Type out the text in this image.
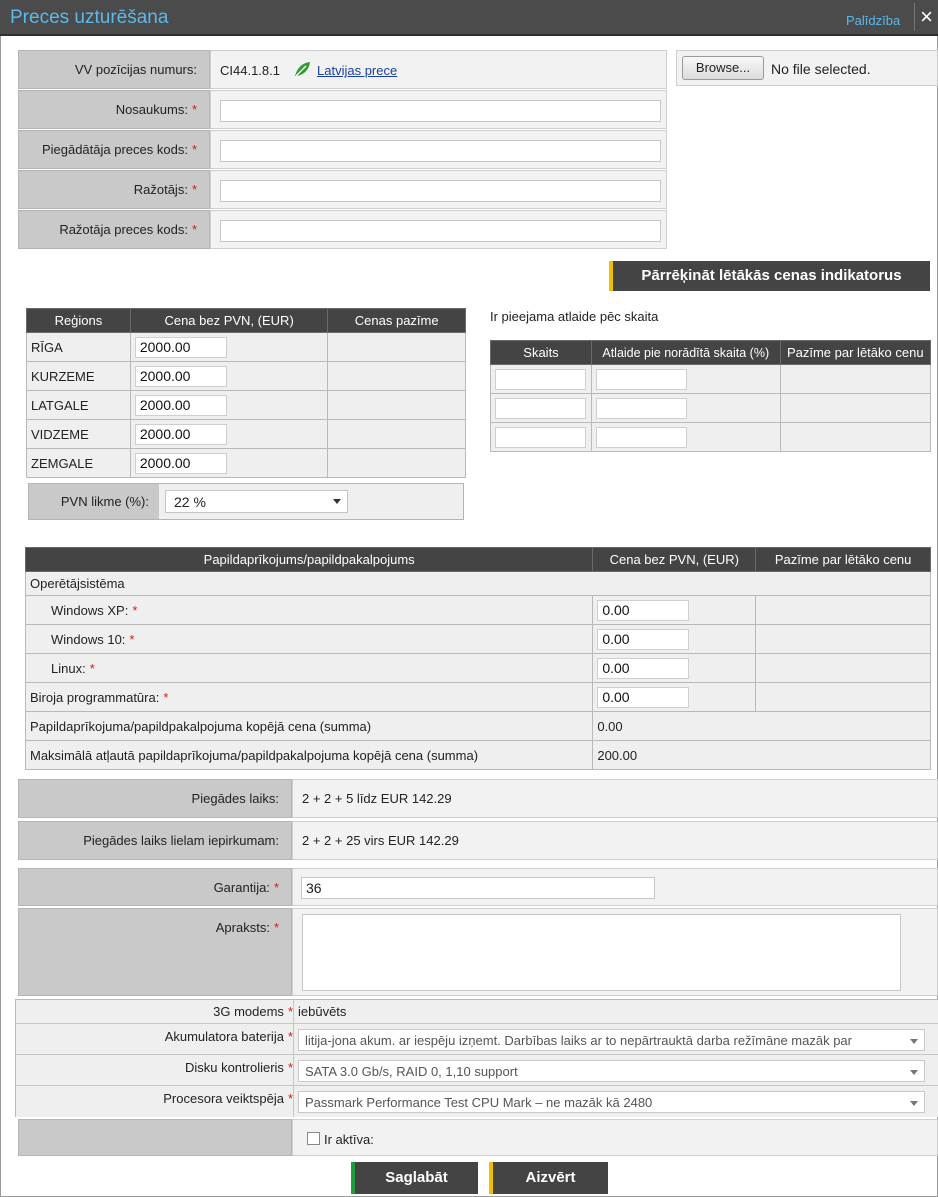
Preces uzturēšana	Palīdzība ×
VV pozīcijas numurs:	CI44.1.8.1	Latvijas prece	Browse...	No file selected.
Nosaukums: *
Piegādātāja preces kods: *
Ražotājs: *
Ražotāja preces kods: *
Pārrēķināt lētākās cenas indikatorus
Reģions	Cena bez PVN, (EUR)	Cenas pazīme
RĪGA	2000.00	
KURZEME	2000.00	
LATGALE	2000.00	
VIDZEME	2000.00	
ZEMGALE	2000.00	
PVN likme (%):	22 %
Ir pieejama atlaide pēc skaita
Skaits	Atlaide pie norādītā skaita (%)	Pazīme par lētāko cenu

Papildaprīkojums/papildpakalpojums	Cena bez PVN, (EUR)	Pazīme par lētāko cenu
Operētājsistēma		
Windows XP: *	0.00	
Windows 10: *	0.00	
Linux: *	0.00	
Biroja programmatūra: *	0.00	
Papildaprīkojuma/papildpakalpojuma kopējā cena (summa)	0.00	
Maksimālā atļautā papildaprīkojuma/papildpakalpojuma kopējā cena (summa)	200.00	
Piegādes laiks:	2 + 2 + 5 līdz EUR 142.29
Piegādes laiks lielam iepirkumam:	2 + 2 + 25 virs EUR 142.29
Garantija: *	36
Apraksts: *
3G modems * iebūvēts
Akumulatora baterija * litija-jona akum. ar iespēju izņemt. Darbības laiks ar to nepārtrauktā darba režīmāne mazāk par
Disku kontrolieris * SATA 3.0 Gb/s, RAID 0, 1,10 support
Procesora veiktspēja * Passmark Performance Test CPU Mark – ne mazāk kā 2480
Ir aktīva:
Saglabāt	Aizvērt
